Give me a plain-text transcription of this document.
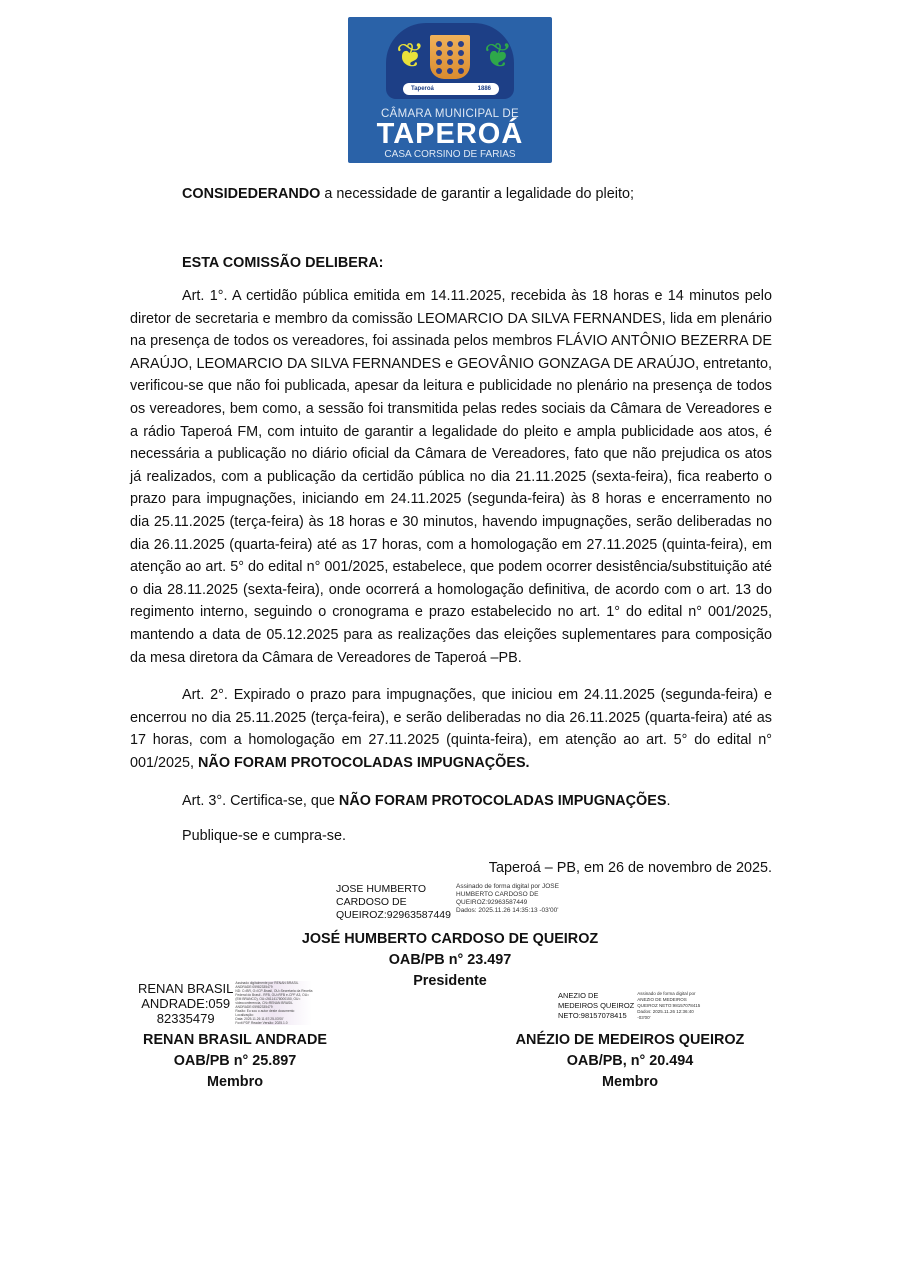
❦ ❦
Taperoá	1886
CÂMARA MUNICIPAL DE
TAPEROÁ
CASA CORSINO DE FARIAS
CONSIDEDERANDO a necessidade de garantir a legalidade do pleito;
ESTA COMISSÃO DELIBERA:
Art. 1°. A certidão pública emitida em 14.11.2025, recebida às 18 horas e 14 minutos pelo diretor de secretaria e membro da comissão LEOMARCIO DA SILVA FERNANDES, lida em plenário na presença de todos os vereadores, foi assinada pelos membros FLÁVIO ANTÔNIO BEZERRA DE ARAÚJO, LEOMARCIO DA SILVA FERNANDES e GEOVÂNIO GONZAGA DE ARAÚJO, entretanto, verificou-se que não foi publicada, apesar da leitura e publicidade no plenário na presença de todos os vereadores, bem como, a sessão foi transmitida pelas redes sociais da Câmara de Vereadores e a rádio Taperoá FM, com intuito de garantir a legalidade do pleito e ampla publicidade aos atos, é necessária a publicação no diário oficial da Câmara de Vereadores, fato que não prejudica os atos já realizados, com a publicação da certidão pública no dia 21.11.2025 (sexta-feira), fica reaberto o prazo para impugnações, iniciando em 24.11.2025 (segunda-feira) às 8 horas e encerramento no dia 25.11.2025 (terça-feira) às 18 horas e 30 minutos, havendo impugnações, serão deliberadas no dia 26.11.2025 (quarta-feira) até as 17 horas, com a homologação em 27.11.2025 (quinta-feira), em atenção ao art. 5° do edital n° 001/2025, estabelece, que podem ocorrer desistência/substituição até o dia 28.11.2025 (sexta-feira), onde ocorrerá a homologação definitiva, de acordo com o art. 13 do regimento interno, seguindo o cronograma e prazo estabelecido no art. 1° do edital n° 001/2025, mantendo a data de 05.12.2025 para as realizações das eleições suplementares para composição da mesa diretora da Câmara de Vereadores de Taperoá –PB.
Art. 2°. Expirado o prazo para impugnações, que iniciou em 24.11.2025 (segunda-feira) e encerrou no dia 25.11.2025 (terça-feira), e serão deliberadas no dia 26.11.2025 (quarta-feira) até as 17 horas, com a homologação em 27.11.2025 (quinta-feira), em atenção ao art. 5° do edital n° 001/2025, NÃO FORAM PROTOCOLADAS IMPUGNAÇÕES.
Art. 3°. Certifica-se, que NÃO FORAM PROTOCOLADAS IMPUGNAÇÕES.
Publique-se e cumpra-se.
Taperoá – PB, em 26 de novembro de 2025.
JOSE HUMBERTO
CARDOSO DE
QUEIROZ:92963587449
⟋
Assinado de forma digital por JOSE
HUMBERTO CARDOSO DE
QUEIROZ:92963587449
Dados: 2025.11.26 14:35:13 -03'00'
JOSÉ HUMBERTO CARDOSO DE QUEIROZ
OAB/PB n° 23.497
Presidente
RENAN BRASIL
ANDRADE:059
82335479
Assinado digitalmente por RENAN BRASIL
ANDRADE:05982335479
ND: C=BR, O=ICP-Brasil, OU=Secretaria da Receita
Federal do Brasil - RFB, OU=RFB e-CPF A3, OU=
(EM BRANCO), OU=26114178000150, OU=
videoconferencia, CN=RENAN BRASIL
ANDRADE:05982335479
Razão: Eu sou o autor deste documento
Localização:
Data: 2025.11.26 11:57:25-03'00'
Foxit PDF Reader Versão: 2025.1.0
RENAN BRASIL ANDRADE
OAB/PB n° 25.897
Membro
ANEZIO DE
MEDEIROS QUEIROZ
NETO:98157078415 ⟋
Assinado de forma digital por
ANEZIO DE MEDEIROS
QUEIROZ NETO:98157078415
Dados: 2025.11.26 12:36:40
-03'00'
ANÉZIO DE MEDEIROS QUEIROZ
OAB/PB, n° 20.494
Membro
